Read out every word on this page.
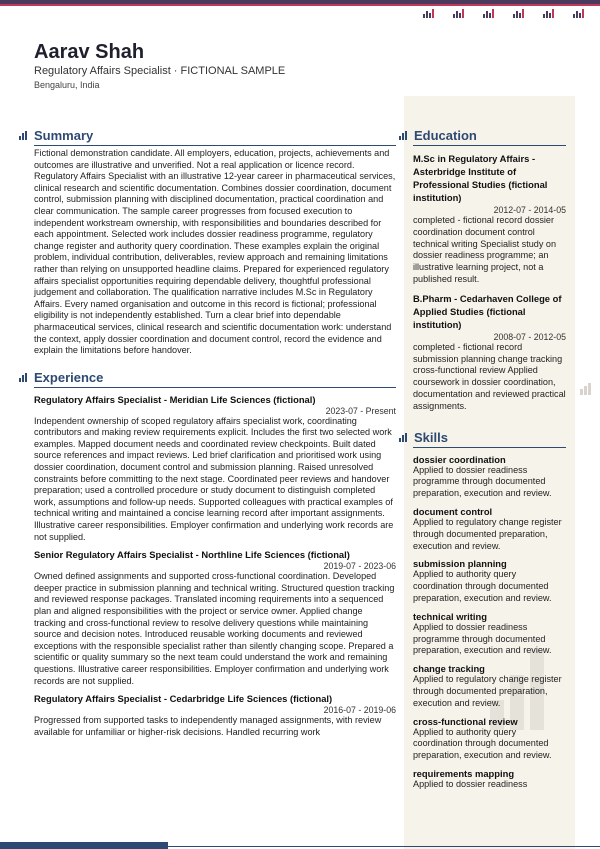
Aarav Shah
Regulatory Affairs Specialist · FICTIONAL SAMPLE
Bengaluru, India
Summary

Fictional demonstration candidate. All employers, education, projects, achievements and outcomes are illustrative and unverified. Not a real application or licence record. Regulatory Affairs Specialist with an illustrative 12-year career in pharmaceutical services, clinical research and scientific documentation. Combines dossier coordination, document control, submission planning with disciplined documentation, practical coordination and clear communication. The sample career progresses from focused execution to independent workstream ownership, with responsibilities and boundaries described for each appointment. Selected work includes dossier readiness programme, regulatory change register and authority query coordination. These examples explain the original problem, individual contribution, deliverables, review approach and remaining limitations rather than relying on unsupported headline claims. Prepared for experienced regulatory affairs specialist opportunities requiring dependable delivery, thoughtful professional judgement and collaboration. The qualification narrative includes M.Sc in Regulatory Affairs. Every named organisation and outcome in this record is fictional; professional eligibility is not independently established. Turn a clear brief into dependable pharmaceutical services, clinical research and scientific documentation work: understand the context, apply dossier coordination and document control, record the evidence and explain the limitations before handover.

Experience
Regulatory Affairs Specialist - Meridian Life Sciences (fictional)
2023-07 - Present

Independent ownership of scoped regulatory affairs specialist work, coordinating contributors and making review requirements explicit. Includes the first two selected work examples. Mapped document needs and coordinated review checkpoints. Built dated source references and impact reviews. Led brief clarification and prioritised work using dossier coordination, document control and submission planning. Raised unresolved constraints before committing to the next stage. Coordinated peer reviews and handover preparation; used a controlled procedure or study document to distinguish completed work, assumptions and follow-up needs. Supported colleagues with practical examples of technical writing and maintained a concise learning record after important assignments. Illustrative career responsibilities. Employer confirmation and underlying work records are not supplied.

Senior Regulatory Affairs Specialist - Northline Life Sciences (fictional)
2019-07 - 2023-06

Owned defined assignments and supported cross-functional coordination. Developed deeper practice in submission planning and technical writing. Structured question tracking and reviewed response packages. Translated incoming requirements into a sequenced plan and aligned responsibilities with the project or service owner. Applied change tracking and cross-functional review to resolve delivery questions while maintaining source and decision notes. Introduced reusable working documents and reviewed exceptions with the responsible specialist rather than silently changing scope. Prepared a scientific or quality summary so the next team could understand the work and remaining questions. Illustrative career responsibilities. Employer confirmation and underlying work records are not supplied.

Regulatory Affairs Specialist - Cedarbridge Life Sciences (fictional)
2016-07 - 2019-06

Progressed from supported tasks to independently managed assignments, with review available for unfamiliar or higher-risk decisions. Handled recurring work

Education
M.Sc in Regulatory Affairs - Asterbridge Institute of Professional Studies (fictional institution)
2012-07 - 2014-05

completed - fictional record dossier coordination document control technical writing Specialist study on dossier readiness programme; an illustrative learning project, not a published result.

B.Pharm - Cedarhaven College of Applied Studies (fictional institution)
2008-07 - 2012-05

completed - fictional record submission planning change tracking cross-functional review Applied coursework in dossier coordination, documentation and reviewed practical assignments.

Skills
dossier coordination

Applied to dossier readiness programme through documented preparation, execution and review.

document control

Applied to regulatory change register through documented preparation, execution and review.

submission planning

Applied to authority query coordination through documented preparation, execution and review.

technical writing

Applied to dossier readiness programme through documented preparation, execution and review.

change tracking

Applied to regulatory change register through documented preparation, execution and review.

cross-functional review

Applied to authority query coordination through documented preparation, execution and review.

requirements mapping

Applied to dossier readiness
